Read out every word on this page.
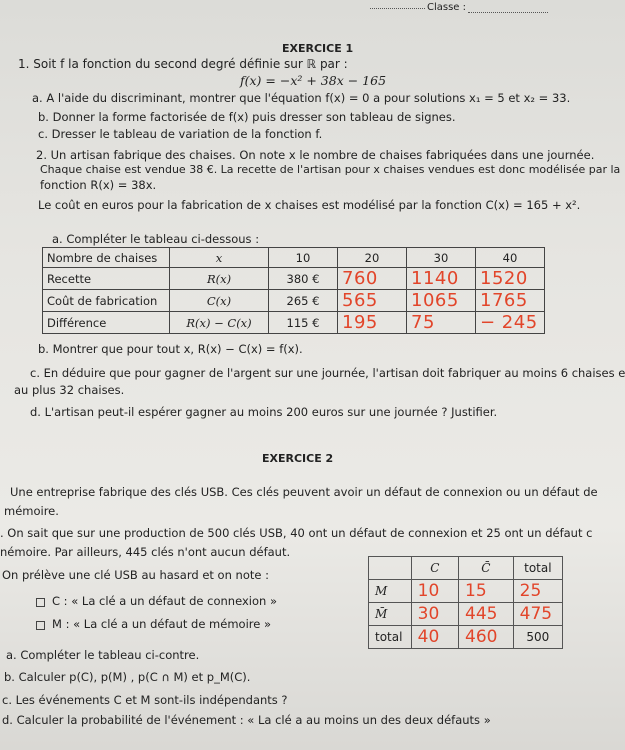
Classe :
EXERCICE 1
1. Soit f la fonction du second degré définie sur ℝ par :
f(x) = −x² + 38x − 165
a. A l'aide du discriminant, montrer que l'équation f(x) = 0 a pour solutions x₁ = 5 et x₂ = 33.
b. Donner la forme factorisée de f(x) puis dresser son tableau de signes.
c. Dresser le tableau de variation de la fonction f.
2. Un artisan fabrique des chaises. On note x le nombre de chaises fabriquées dans une journée.
Chaque chaise est vendue 38 €. La recette de l'artisan pour x chaises vendues est donc modélisée par la
fonction R(x) = 38x.
Le coût en euros pour la fabrication de x chaises est modélisé par la fonction C(x) = 165 + x².
a. Compléter le tableau ci-dessous :
Nombre de chaises	x	10	20	30	40
Recette	R(x)	380 €	760	1140	1520
Coût de fabrication	C(x)	265 €	565	1065	1765
Différence	R(x) − C(x)	115 €	195	75	− 245
b. Montrer que pour tout x, R(x) − C(x) = f(x).
c. En déduire que pour gagner de l'argent sur une journée, l'artisan doit fabriquer au moins 6 chaises e
au plus 32 chaises.
d. L'artisan peut-il espérer gagner au moins 200 euros sur une journée ? Justifier.
EXERCICE 2
Une entreprise fabrique des clés USB. Ces clés peuvent avoir un défaut de connexion ou un défaut de
mémoire.
. On sait que sur une production de 500 clés USB, 40 ont un défaut de connexion et 25 ont un défaut c
némoire. Par ailleurs, 445 clés n'ont aucun défaut.
On prélève une clé USB au hasard et on note :
C : « La clé a un défaut de connexion »
M : « La clé a un défaut de mémoire »
a. Compléter le tableau ci-contre.
b. Calculer p(C), p(M) , p(C ∩ M) et p_M(C).
c. Les événements C et M sont-ils indépendants ?
d. Calculer la probabilité de l'événement : « La clé a au moins un des deux défauts »
	C	C̄	total
M	10	15	25
M̄	30	445	475
total	40	460	500
